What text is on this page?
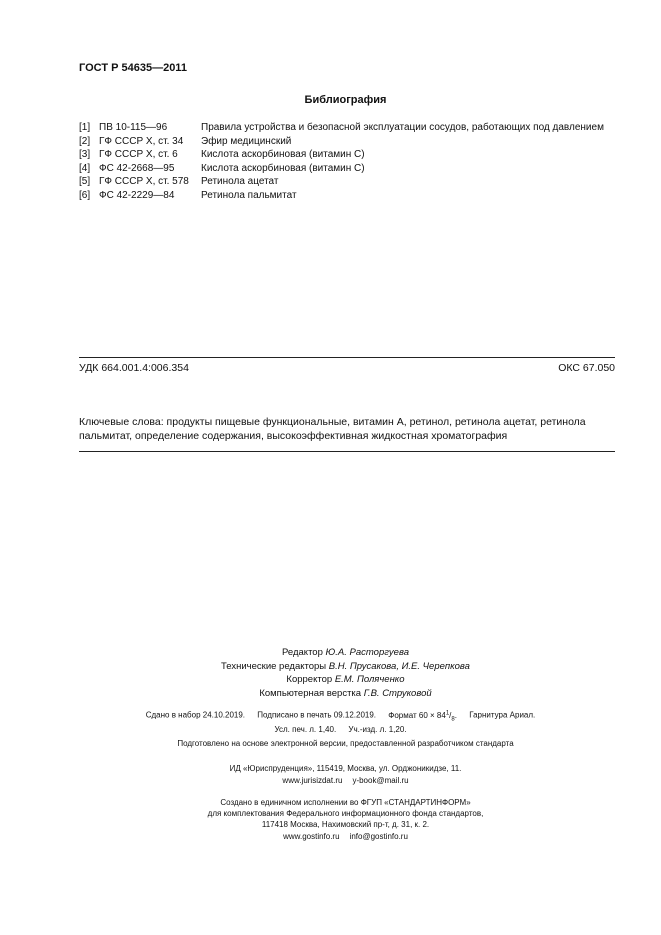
ГОСТ Р 54635—2011
Библиография
[1] ПВ 10-115—96	Правила устройства и безопасной эксплуатации сосудов, работающих под давлением
[2] ГФ СССР X, ст. 34	Эфир медицинский
[3] ГФ СССР X, ст. 6	Кислота аскорбиновая (витамин С)
[4] ФС 42-2668—95	Кислота аскорбиновая (витамин С)
[5] ГФ СССР X, ст. 578	Ретинола ацетат
[6] ФС 42-2229—84	Ретинола пальмитат
УДК 664.001.4:006.354	ОКС 67.050
Ключевые слова: продукты пищевые функциональные, витамин А, ретинол, ретинола ацетат, ретинола пальмитат, определение содержания, высокоэффективная жидкостная хроматография
Редактор Ю.А. Расторгуева
Технические редакторы В.Н. Прусакова, И.Е. Черепкова
Корректор Е.М. Поляченко
Компьютерная верстка Г.В. Струковой
Сдано в набор 24.10.2019. Подписано в печать 09.12.2019. Формат $60 \times 84^1/_8$. Гарнитура Ариал.
Усл. печ. л. 1,40. Уч.-изд. л. 1,20.
Подготовлено на основе электронной версии, предоставленной разработчиком стандарта
ИД «Юриспруденция», 115419, Москва, ул. Орджоникидзе, 11.
www.jurisizdat.ru y-book@mail.ru
Создано в единичном исполнении во ФГУП «СТАНДАРТИНФОРМ»
для комплектования Федерального информационного фонда стандартов,
117418 Москва, Нахимовский пр-т, д. 31, к. 2.
www.gostinfo.ru info@gostinfo.ru
